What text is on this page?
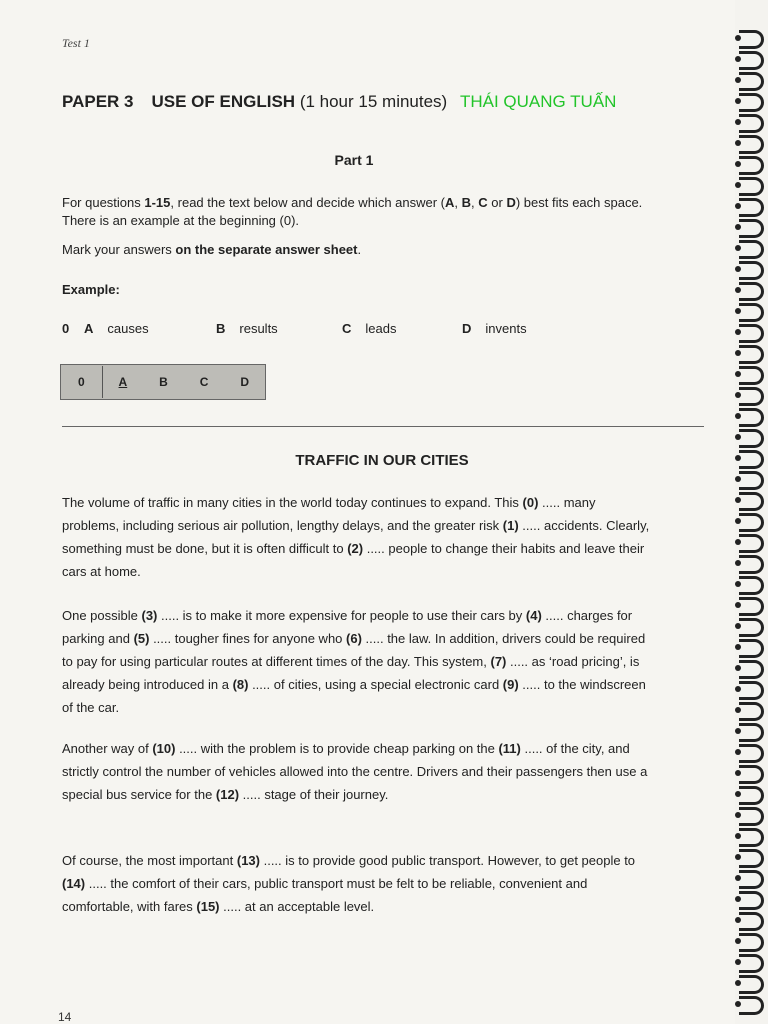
Test 1
PAPER 3 USE OF ENGLISH (1 hour 15 minutes) THÁI QUANG TUẤN
Part 1
For questions 1-15, read the text below and decide which answer (A, B, C or D) best fits each space. There is an example at the beginning (0).
Mark your answers on the separate answer sheet.
Example:
0	A causes	B results	C leads	D invents
0	A	B	C	D
TRAFFIC IN OUR CITIES
The volume of traffic in many cities in the world today continues to expand. This (0) ..... many problems, including serious air pollution, lengthy delays, and the greater risk (1) ..... accidents. Clearly, something must be done, but it is often difficult to (2) ..... people to change their habits and leave their cars at home.
One possible (3) ..... is to make it more expensive for people to use their cars by (4) ..... charges for parking and (5) ..... tougher fines for anyone who (6) ..... the law. In addition, drivers could be required to pay for using particular routes at different times of the day. This system, (7) ..... as ‘road pricing’, is already being introduced in a (8) ..... of cities, using a special electronic card (9) ..... to the windscreen of the car.
Another way of (10) ..... with the problem is to provide cheap parking on the (11) ..... of the city, and strictly control the number of vehicles allowed into the centre. Drivers and their passengers then use a special bus service for the (12) ..... stage of their journey.
Of course, the most important (13) ..... is to provide good public transport. However, to get people to (14) ..... the comfort of their cars, public transport must be felt to be reliable, convenient and comfortable, with fares (15) ..... at an acceptable level.
14
